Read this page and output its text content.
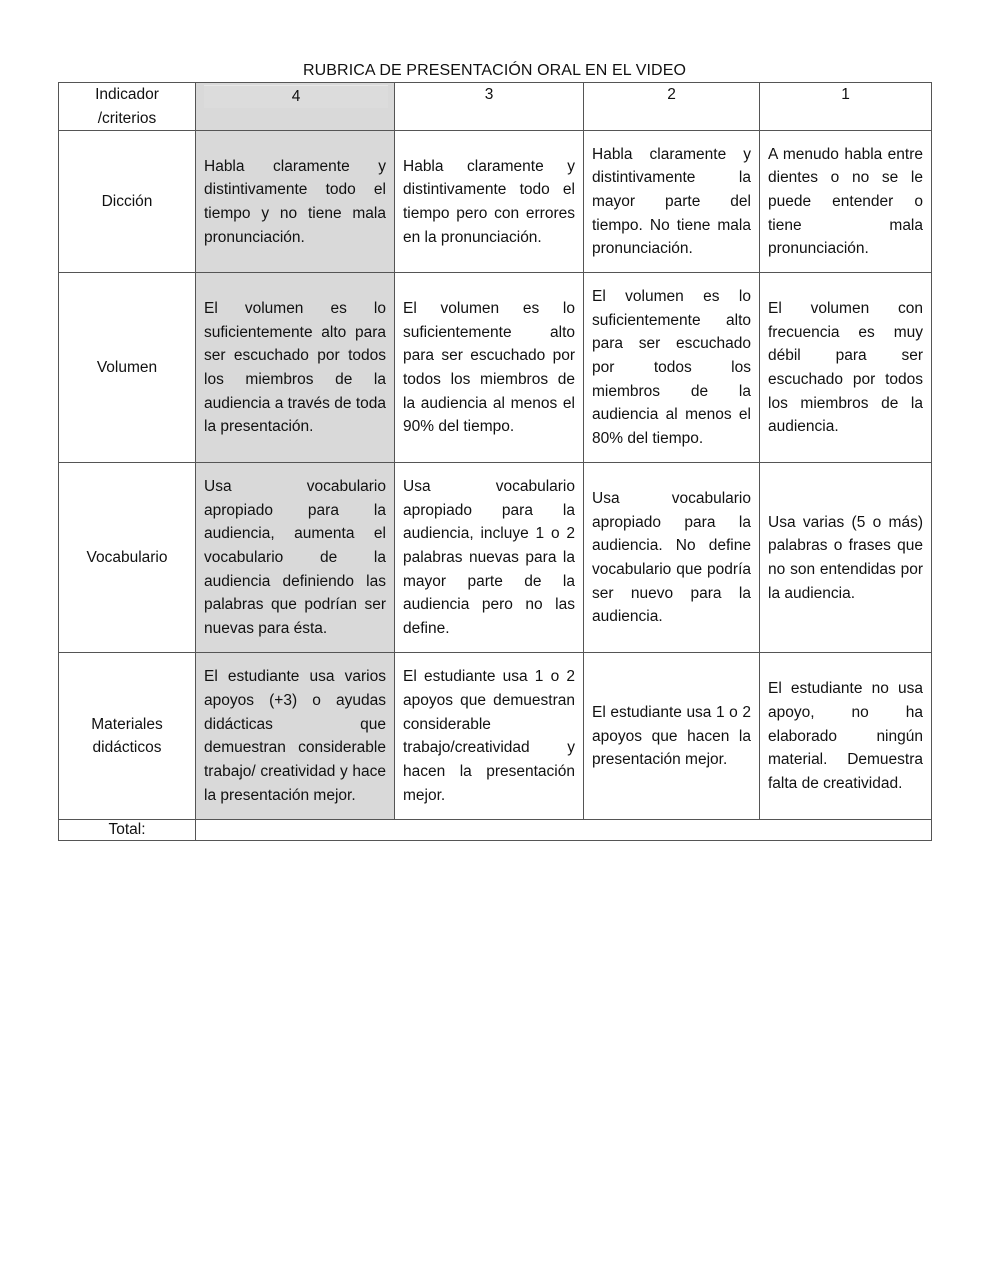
RUBRICA DE PRESENTACIÓN ORAL EN EL VIDEO
Indicador /criterios	4	3	2	1
Dicción	Habla claramente y distintivamente todo el tiempo y no tiene mala pronunciación.	Habla claramente y distintivamente todo el tiempo pero con errores en la pronunciación.	Habla claramente y distintivamente la mayor parte del tiempo. No tiene mala pronunciación.	A menudo habla entre dientes o no se le puede entender o tiene mala pronunciación.
Volumen	El volumen es lo suficientemente alto para ser escuchado por todos los miembros de la audiencia a través de toda la presentación.	El volumen es lo suficientemente alto para ser escuchado por todos los miembros de la audiencia al menos el 90% del tiempo.	El volumen es lo suficientemente alto para ser escuchado por todos los miembros de la audiencia al menos el 80% del tiempo.	El volumen con frecuencia es muy débil para ser escuchado por todos los miembros de la audiencia.
Vocabulario	Usa vocabulario apropiado para la audiencia, aumenta el vocabulario de la audiencia definiendo las palabras que podrían ser nuevas para ésta.	Usa vocabulario apropiado para la audiencia, incluye 1 o 2 palabras nuevas para la mayor parte de la audiencia pero no las define.	Usa vocabulario apropiado para la audiencia. No define vocabulario que podría ser nuevo para la audiencia.	Usa varias (5 o más) palabras o frases que no son entendidas por la audiencia.
Materiales didácticos	El estudiante usa varios apoyos (+3) o ayudas didácticas que demuestran considerable trabajo/ creatividad y hace la presentación mejor.	El estudiante usa 1 o 2 apoyos que demuestran considerable trabajo/creatividad y hacen la presentación mejor.	El estudiante usa 1 o 2 apoyos que hacen la presentación mejor.	El estudiante no usa apoyo, no ha elaborado ningún material. Demuestra falta de creatividad.
Total:				
